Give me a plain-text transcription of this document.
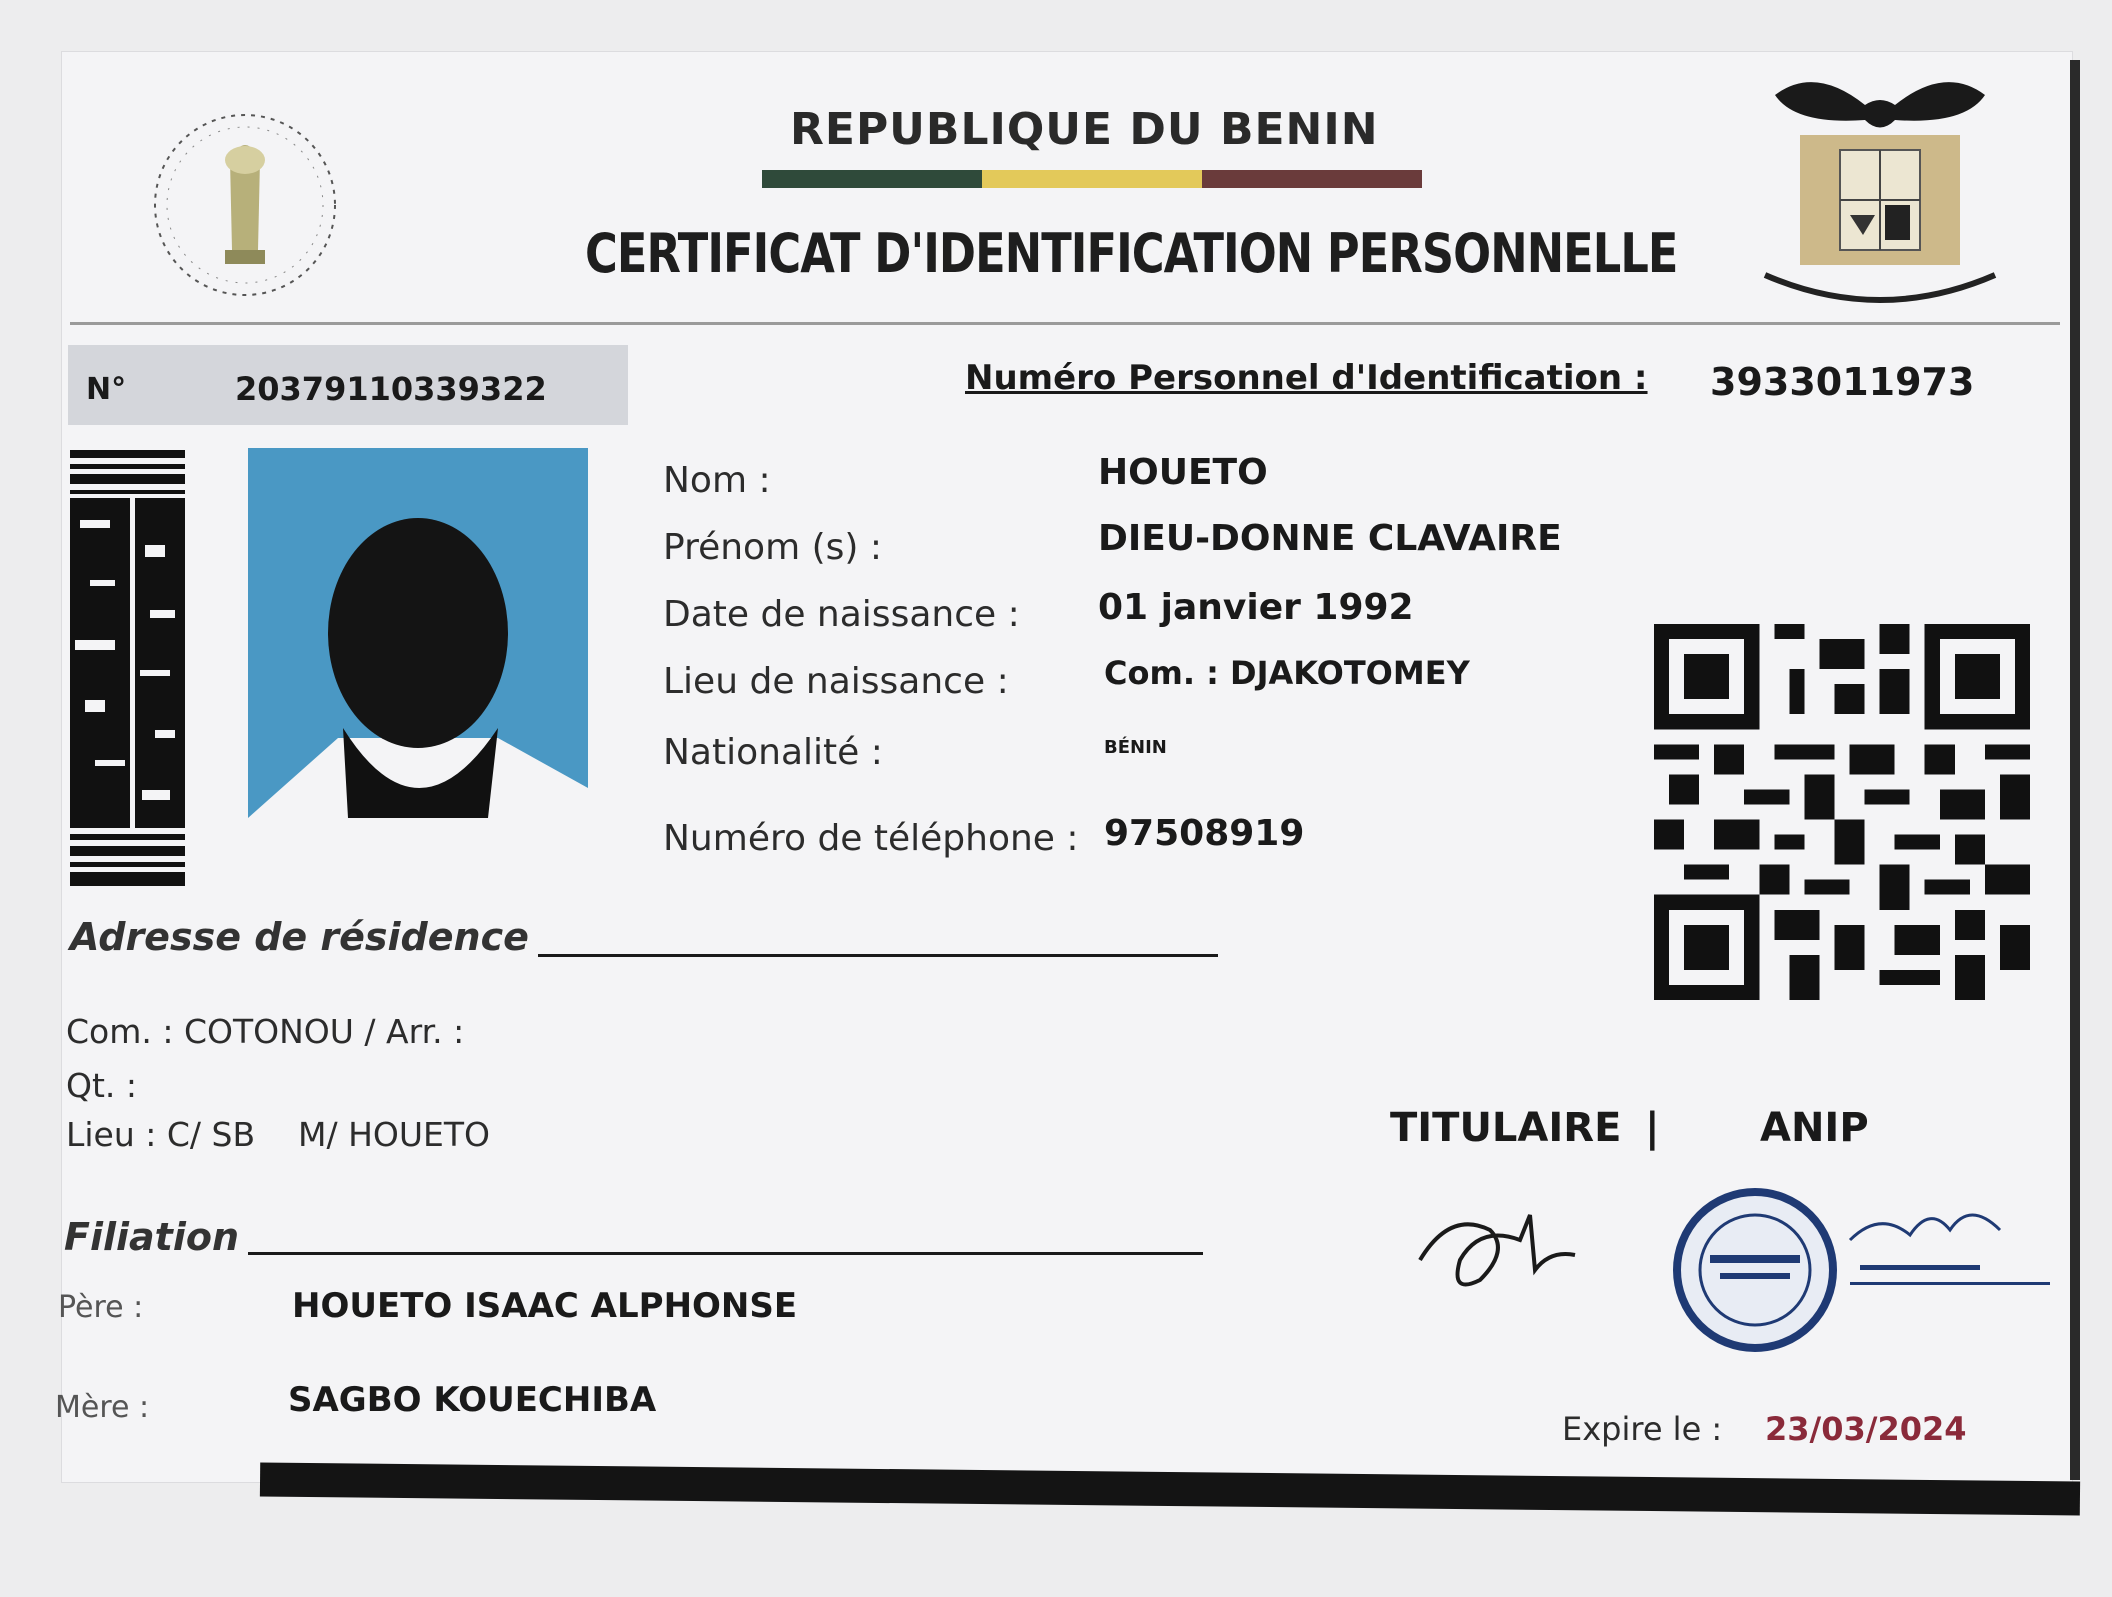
REPUBLIQUE DU BENIN
CERTIFICAT D'IDENTIFICATION PERSONNELLE
N°	20379110339322	Numéro Personnel d'Identification : 3933011973
Nom :	HOUETO
Prénom (s) :	DIEU-DONNE CLAVAIRE
Date de naissance : 01 janvier 1992
Lieu de naissance :	Com. : DJAKOTOMEY
Nationalité :	BÉNIN
Numéro de téléphone : 97508919
Adresse de résidence
Com. : COTONOU / Arr. :
Qt. :
Lieu : C/ SB M/ HOUETO
Filiation
Père :	HOUETO ISAAC ALPHONSE
Mère :	SAGBO KOUECHIBA
TITULAIRE |	ANIP
Expire le : 23/03/2024
